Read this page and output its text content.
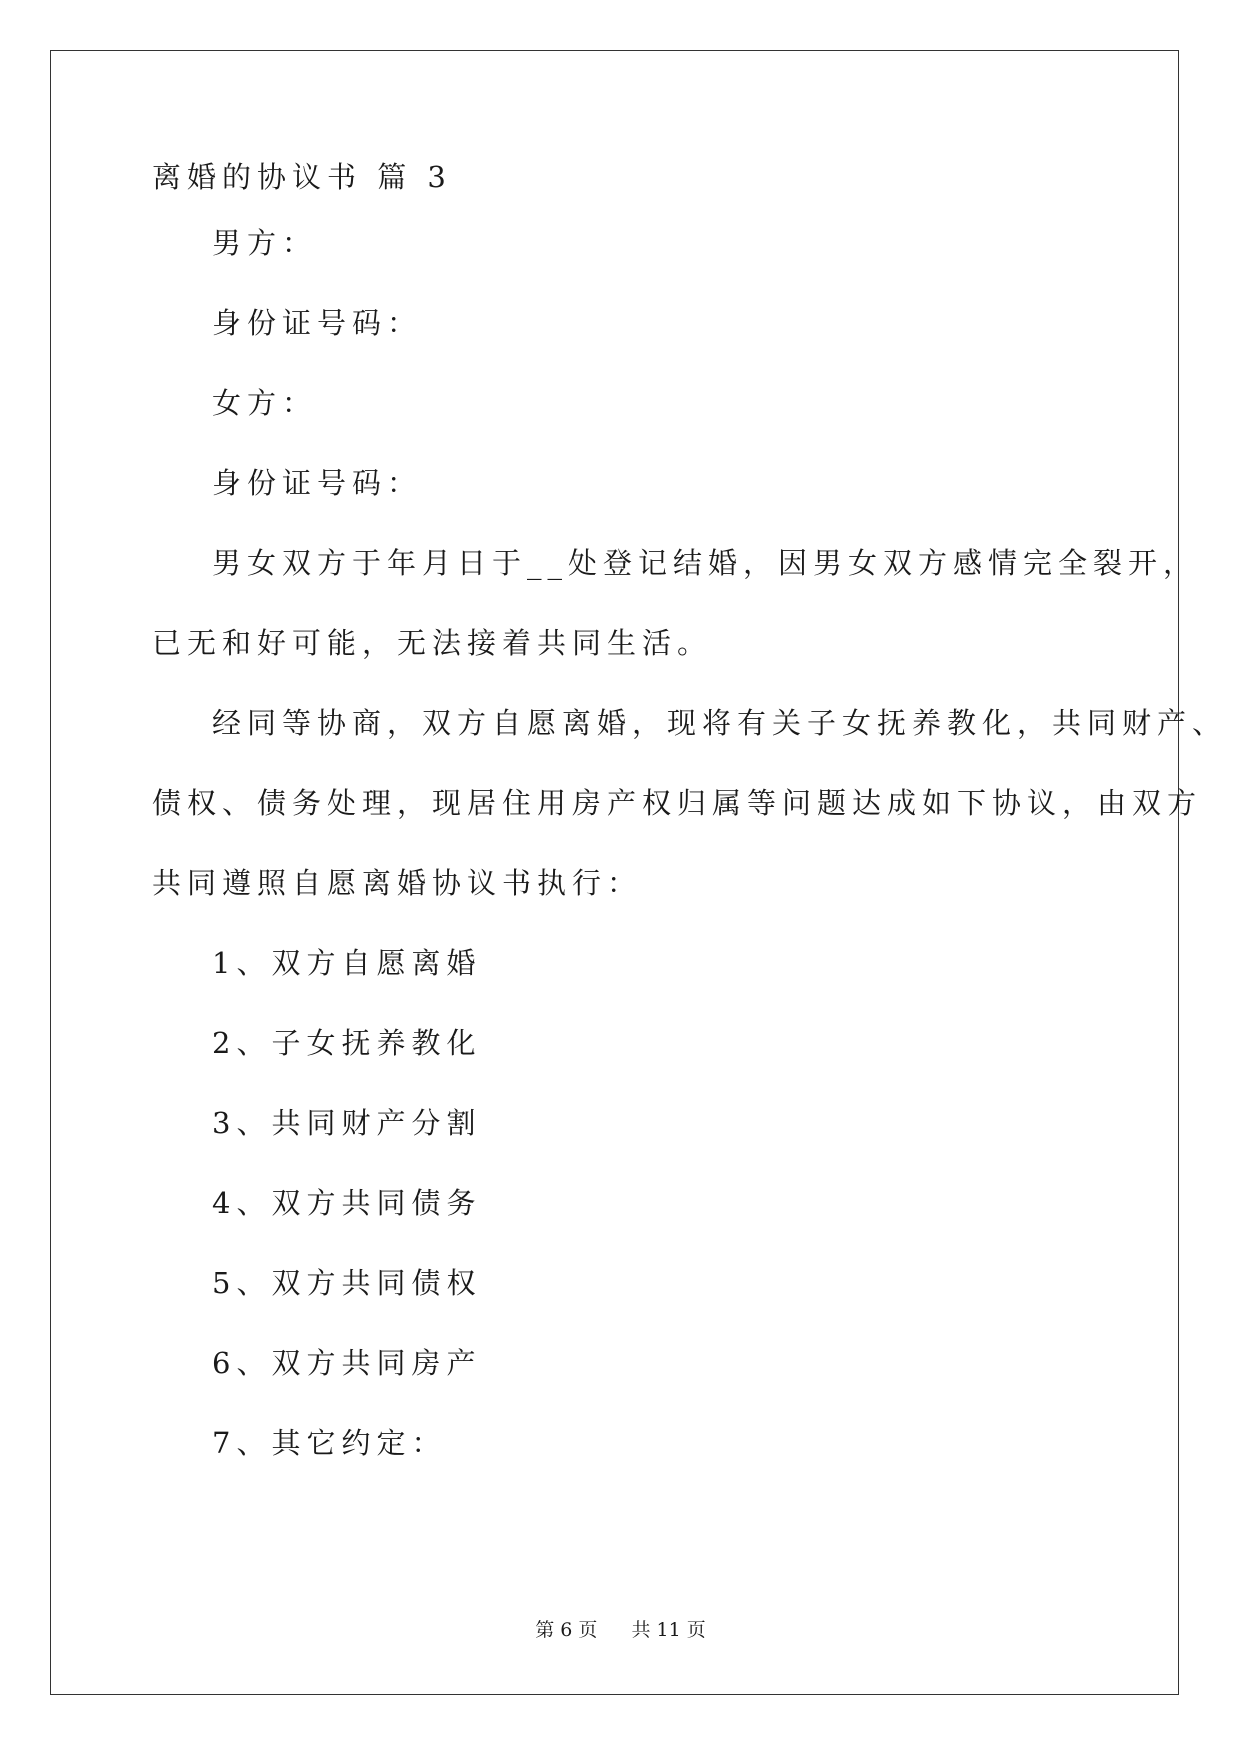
离婚的协议书 篇 3
男方：
身份证号码：
女方：
身份证号码：
男女双方于年月日于__处登记结婚，因男女双方感情完全裂开，
已无和好可能，无法接着共同生活。
经同等协商，双方自愿离婚，现将有关子女抚养教化，共同财产、
债权、债务处理，现居住用房产权归属等问题达成如下协议，由双方
共同遵照自愿离婚协议书执行：
1、双方自愿离婚
2、子女抚养教化
3、共同财产分割
4、双方共同债务
5、双方共同债权
6、双方共同房产
7、其它约定：
第 6 页 共 11 页
